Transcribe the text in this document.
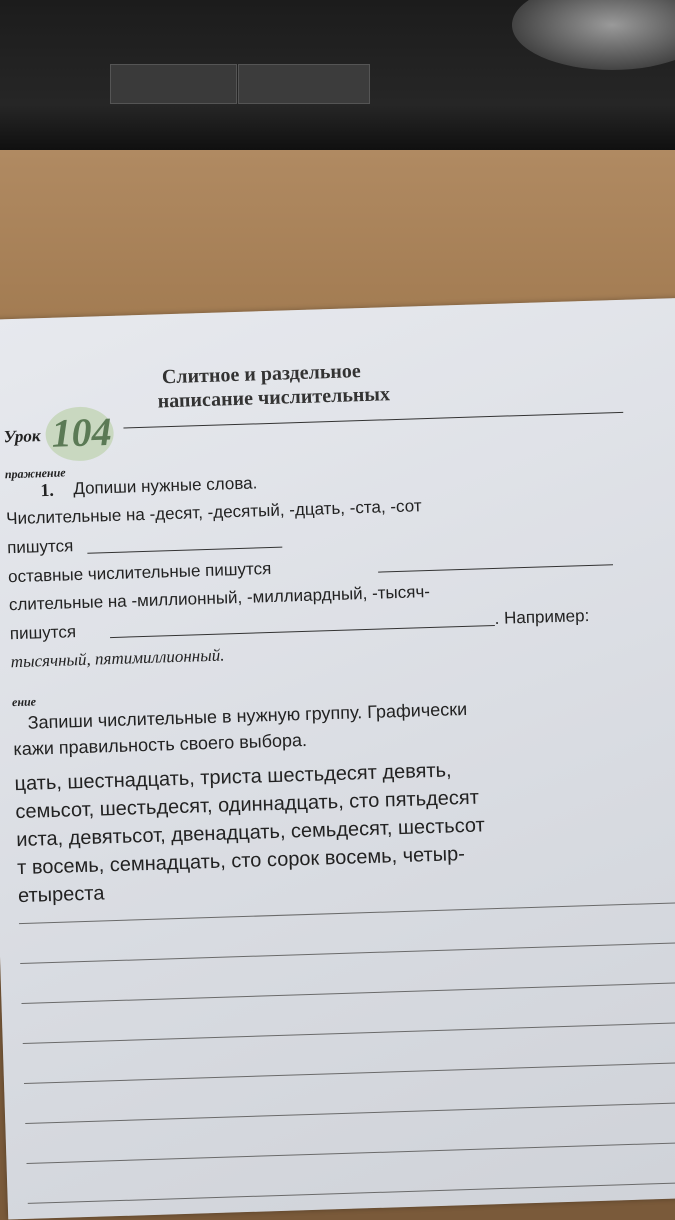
Урок 104
Слитное и раздельное
написание числительных
пражнение
1. Допиши нужные слова.
Числительные на -десят, -десятый, -дцать, -ста, -сот
пишутся
оставные числительные пишутся
слительные на -миллионный, -миллиардный, -тысяч-
пишутся
. Например:
тысячный, пятимиллионный.
ение
Запиши числительные в нужную группу. Графически
кажи правильность своего выбора.
цать, шестнадцать, триста шестьдесят девять,
семьсот, шестьдесят, одиннадцать, сто пятьдесят
иста, девятьсот, двенадцать, семьдесят, шестьсот
т восемь, семнадцать, сто сорок восемь, четыр-
етыреста
